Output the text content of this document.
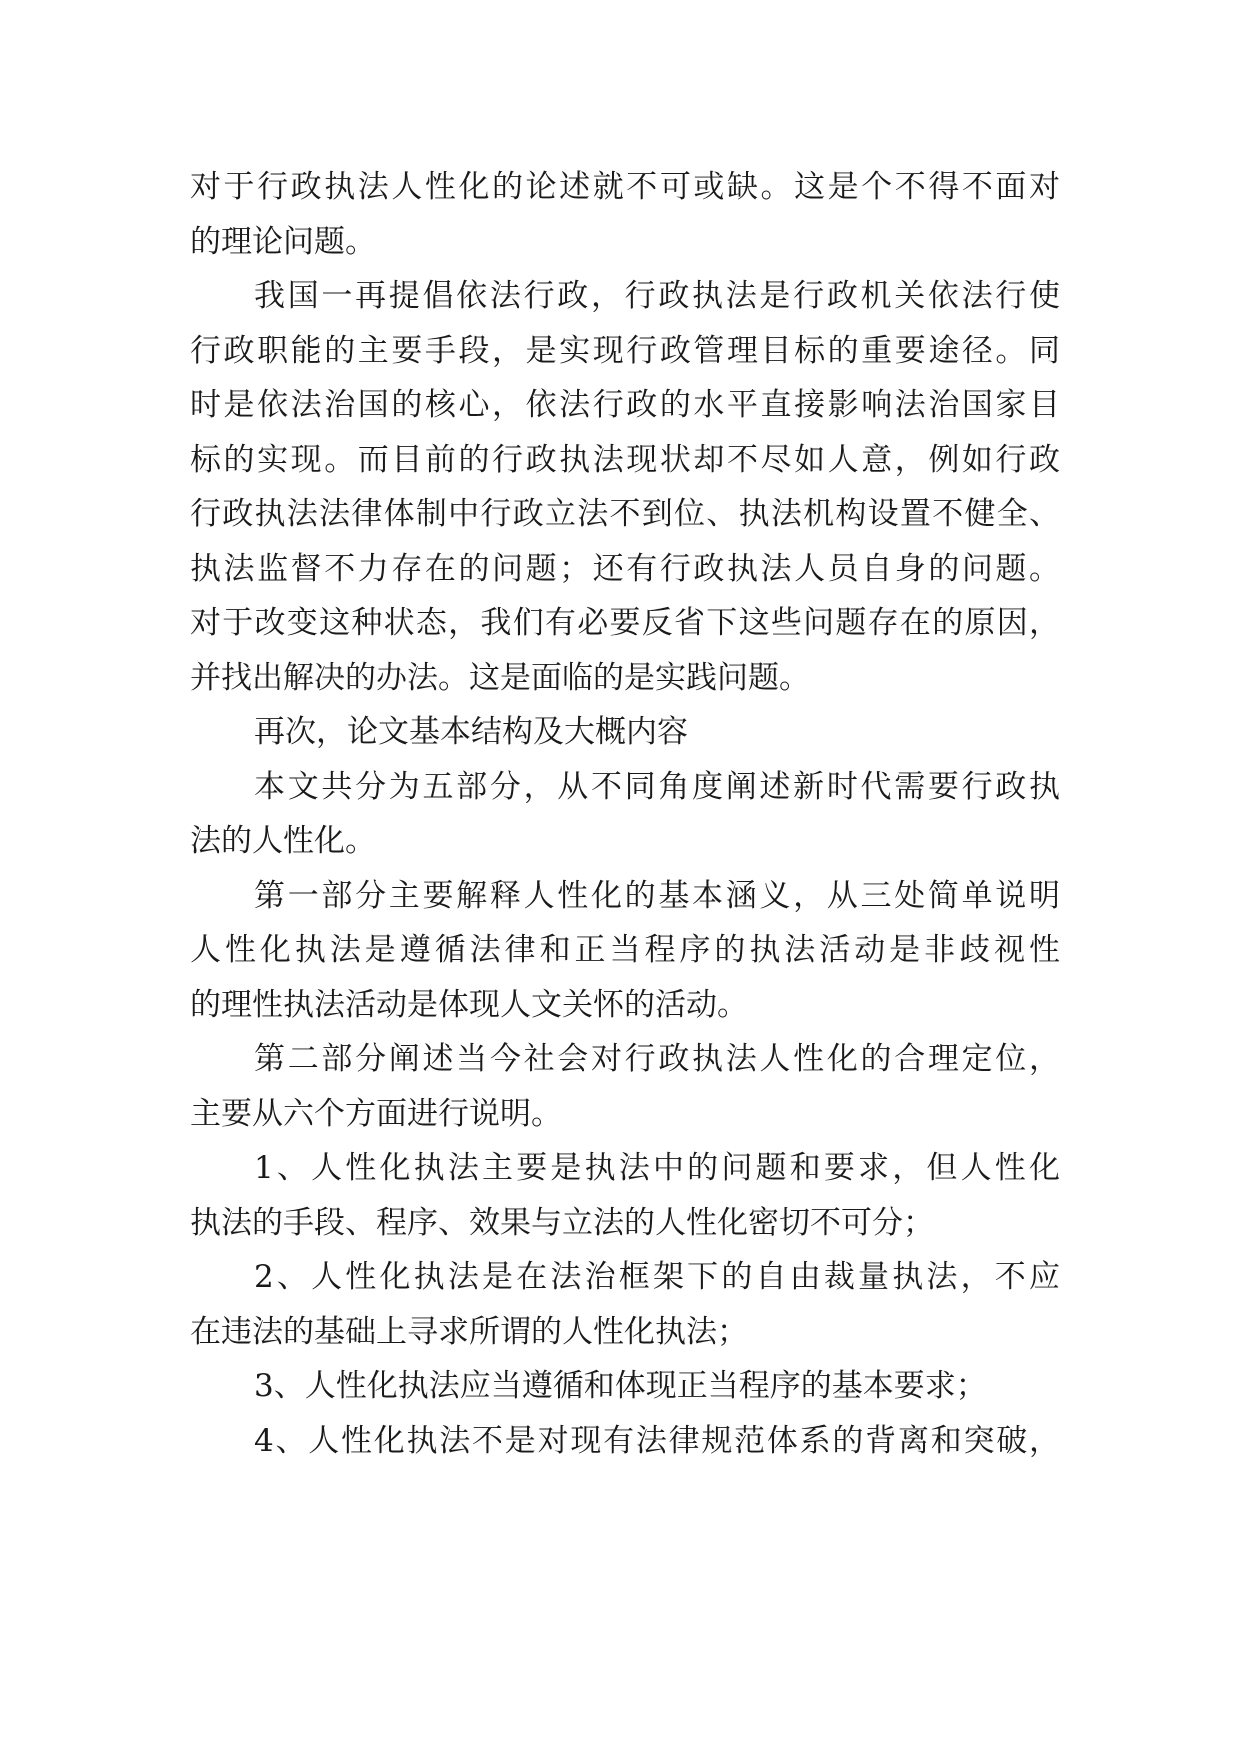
对于行政执法人性化的论述就不可或缺。这是个不得不面对
的理论问题。
我国一再提倡依法行政，行政执法是行政机关依法行使
行政职能的主要手段，是实现行政管理目标的重要途径。同
时是依法治国的核心，依法行政的水平直接影响法治国家目
标的实现。而目前的行政执法现状却不尽如人意，例如行政
行政执法法律体制中行政立法不到位、执法机构设置不健全、
执法监督不力存在的问题；还有行政执法人员自身的问题。
对于改变这种状态，我们有必要反省下这些问题存在的原因，
并找出解决的办法。这是面临的是实践问题。
再次，论文基本结构及大概内容
本文共分为五部分，从不同角度阐述新时代需要行政执
法的人性化。
第一部分主要解释人性化的基本涵义，从三处简单说明
人性化执法是遵循法律和正当程序的执法活动是非歧视性
的理性执法活动是体现人文关怀的活动。
第二部分阐述当今社会对行政执法人性化的合理定位，
主要从六个方面进行说明。
1、人性化执法主要是执法中的问题和要求，但人性化
执法的手段、程序、效果与立法的人性化密切不可分；
2、人性化执法是在法治框架下的自由裁量执法，不应
在违法的基础上寻求所谓的人性化执法；
3、人性化执法应当遵循和体现正当程序的基本要求；
4、人性化执法不是对现有法律规范体系的背离和突破，
